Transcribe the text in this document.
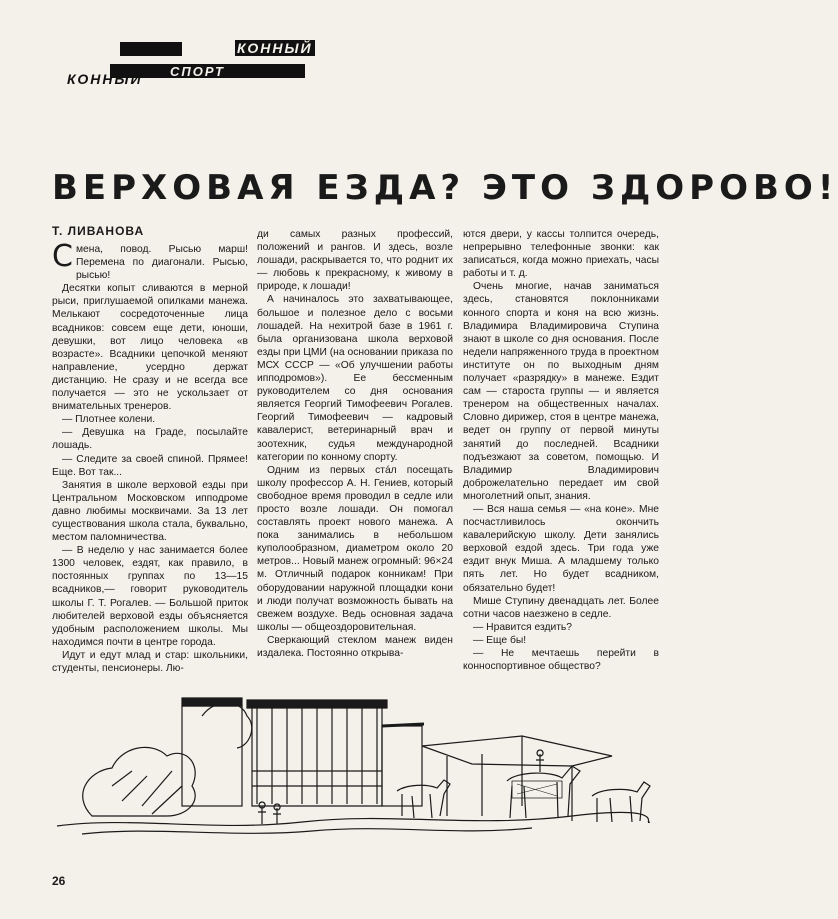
КОННЫЙ
СПОРТ
КОННЫЙ
ВЕРХОВАЯ ЕЗДА? ЭТО ЗДОРОВО!
Т. ЛИВАНОВА

Смена, повод. Рысью марш! Перемена по диагонали. Рысью, рысью!

Десятки копыт сливаются в мерной рыси, приглушаемой опилками манежа. Мелькают сосредоточенные лица всадников: совсем еще дети, юноши, девушки, вот лицо человека «в возрасте». Всадники цепочкой меняют направление, усердно держат дистанцию. Не сразу и не всегда все получается — это не ускользает от внимательных тренеров.

— Плотнее колени.

— Девушка на Граде, посылайте лошадь.

— Следите за своей спиной. Прямее! Еще. Вот так...

Занятия в школе верховой езды при Центральном Московском ипподроме давно любимы москвичами. За 13 лет существования школа стала, буквально, местом паломничества.

— В неделю у нас занимается более 1300 человек, ездят, как правило, в постоянных группах по 13—15 всадников,— говорит руководитель школы Г. Т. Рогалев. — Большой приток любителей верховой езды объясняется удобным расположением школы. Мы находимся почти в центре города.

Идут и едут млад и стар: школьники, студенты, пенсионеры. Лю-

ди самых разных профессий, положений и рангов. И здесь, возле лошади, раскрывается то, что роднит их — любовь к прекрасному, к живому в природе, к лошади!

А начиналось это захватывающее, большое и полезное дело с восьми лошадей. На нехитрой базе в 1961 г. была организована школа верховой езды при ЦМИ (на основании приказа по МСХ СССР — «Об улучшении работы ипподромов»). Ее бессменным руководителем со дня основания является Георгий Тимофеевич Рогалев. Георгий Тимофеевич — кадровый кавалерист, ветеринарный врач и зоотехник, судья международной категории по конному спорту.

Одним из первых стáл посещать школу профессор А. Н. Гениев, который свободное время проводил в седле или просто возле лошади. Он помогал составлять проект нового манежа. А пока занимались в небольшом куполообразном, диаметром около 20 метров... Новый манеж огромный: 96×24 м. Отличный подарок конникам! При оборудовании наружной площадки кони и люди получат возможность бывать на свежем воздухе. Ведь основная задача школы — общеоздоровительная.

Сверкающий стеклом манеж виден издалека. Постоянно открыва-

ются двери, у кассы толпится очередь, непрерывно телефонные звонки: как записаться, когда можно приехать, часы работы и т. д.

Очень многие, начав заниматься здесь, становятся поклонниками конного спорта и коня на всю жизнь. Владимира Владимировича Ступина знают в школе со дня основания. После недели напряженного труда в проектном институте он по выходным дням получает «разрядку» в манеже. Ездит сам — староста группы — и является тренером на общественных началах. Словно дирижер, стоя в центре манежа, ведет он группу от первой минуты занятий до последней. Всадники подъезжают за советом, помощью. И Владимир Владимирович доброжелательно передает им свой многолетний опыт, знания.

— Вся наша семья — «на коне». Мне посчастливилось окончить кавалерийскую школу. Дети занялись верховой ездой здесь. Три года уже ездит внук Миша. А младшему только пять лет. Но будет всадником, обязательно будет!

Мише Ступину двенадцать лет. Более сотни часов наезжено в седле.

— Нравится ездить?

— Еще бы!

— Не мечтаешь перейти в конноспортивное общество?

26
